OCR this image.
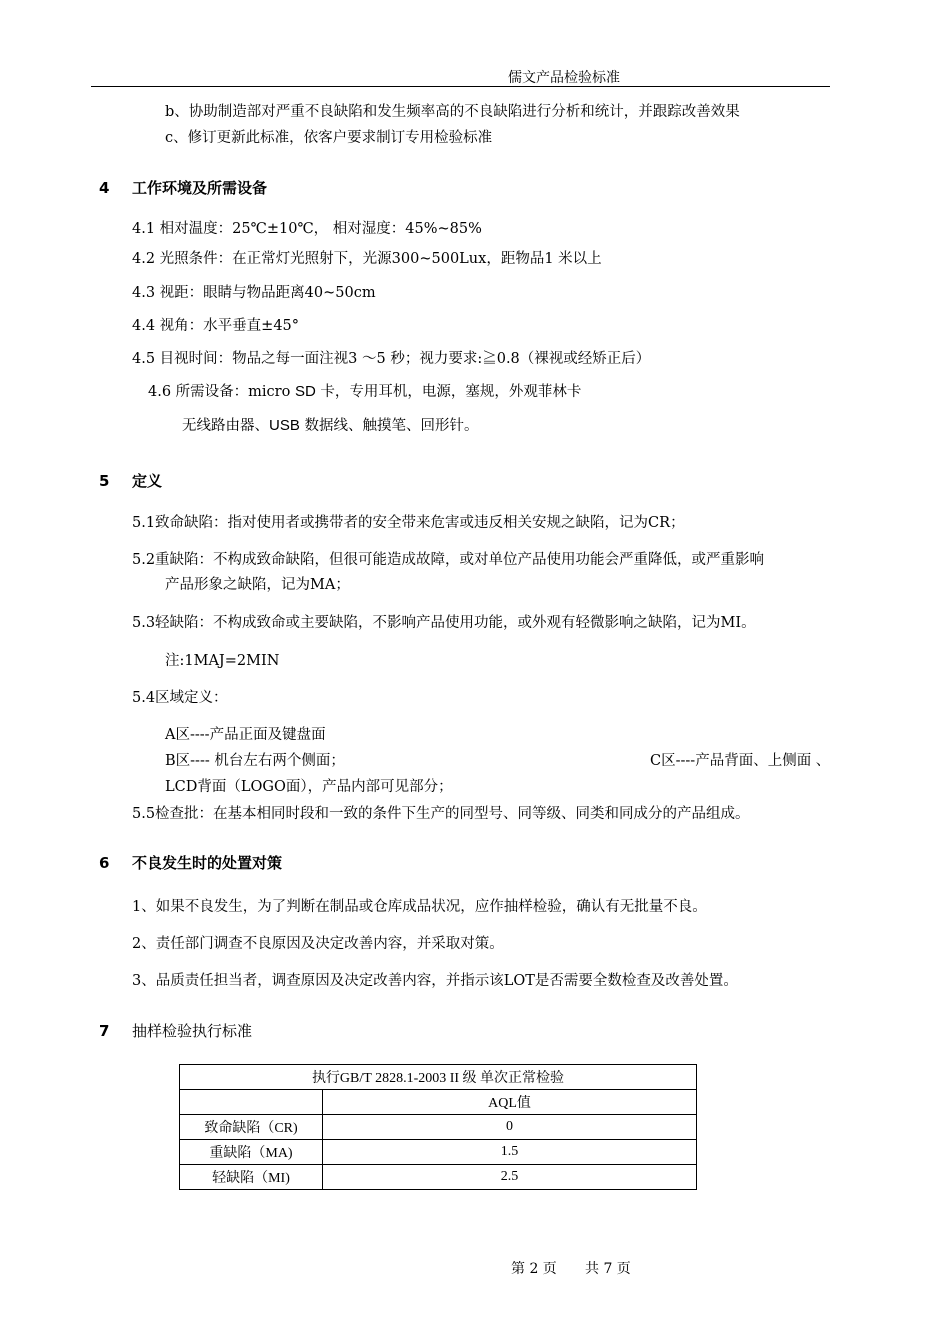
儒文产品检验标准
b、协助制造部对严重不良缺陷和发生频率高的不良缺陷进行分析和统计，并跟踪改善效果
c、修订更新此标准，依客户要求制订专用检验标准
4 工作环境及所需设备
4.1 相对温度：25℃±10℃， 相对湿度：45%~85%
4.2 光照条件：在正常灯光照射下，光源300~500Lux，距物品1 米以上
4.3 视距：眼睛与物品距离40~50cm
4.4 视角：水平垂直±45°
4.5 目视时间：物品之每一面注视3 ～5 秒；视力要求:≧0.8（裸视或经矫正后）
4.6 所需设备：micro SD 卡，专用耳机，电源，塞规，外观菲林卡
无线路由器、USB 数据线、触摸笔、回形针。
5 定义
5.1致命缺陷：指对使用者或携带者的安全带来危害或违反相关安规之缺陷，记为CR；
5.2重缺陷：不构成致命缺陷，但很可能造成故障，或对单位产品使用功能会严重降低，或严重影响
产品形象之缺陷，记为MA；
5.3轻缺陷：不构成致命或主要缺陷，不影响产品使用功能，或外观有轻微影响之缺陷，记为MI。
注:1MAJ=2MIN
5.4区域定义：
A区----产品正面及键盘面
B区---- 机台左右两个侧面；	C区----产品背面、上侧面 、
LCD背面（LOGO面），产品内部可见部分；
5.5检查批：在基本相同时段和一致的条件下生产的同型号、同等级、同类和同成分的产品组成。
6 不良发生时的处置对策
1、如果不良发生，为了判断在制品或仓库成品状况，应作抽样检验，确认有无批量不良。
2、责任部门调查不良原因及决定改善内容，并采取对策。
3、品质责任担当者，调查原因及决定改善内容，并指示该LOT是否需要全数检查及改善处置。
7 抽样检验执行标准
执行GB/T 2828.1-2003 II 级 单次正常检验	
	AQL值
致命缺陷（CR)	0
重缺陷（MA)	1.5
轻缺陷（MI)	2.5
第 2 页 共 7 页
